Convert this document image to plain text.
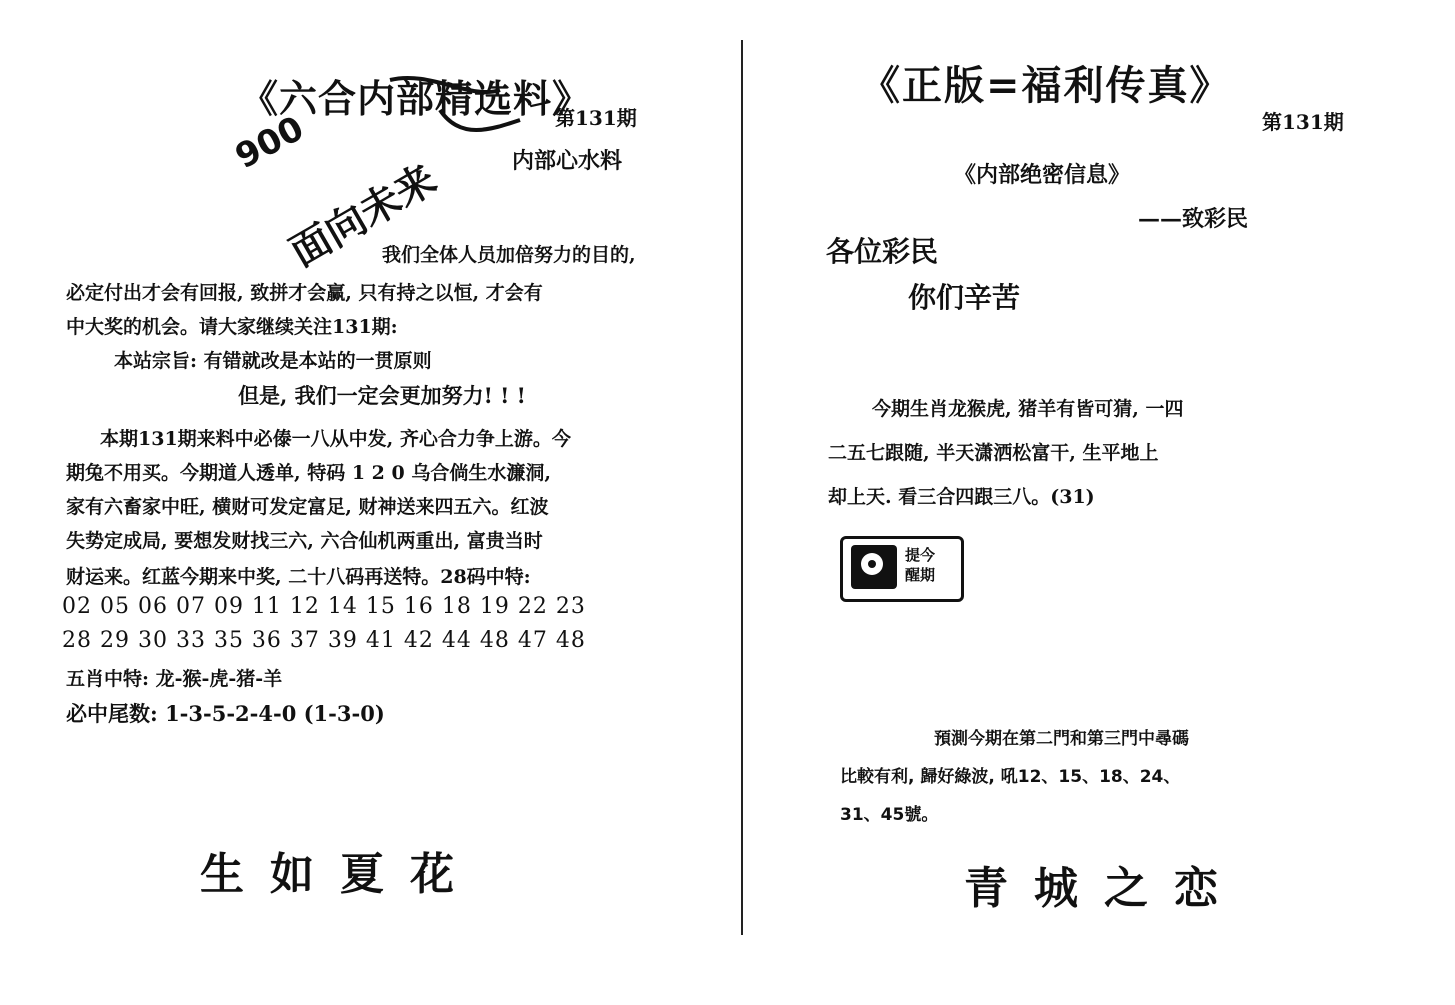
《六合内部精选料》
900
面向未来
第131期
内部心水料
我们全体人员加倍努力的目的,
必定付出才会有回报, 致拼才会赢, 只有持之以恒, 才会有
中大奖的机会。请大家继续关注131期:
本站宗旨: 有错就改是本站的一贯原则
但是, 我们一定会更加努力! ! !
本期131期来料中必傣一八从中发, 齐心合力争上游。今
期兔不用买。今期道人透单, 特码 1 2 0 乌合倘生水濂洞,
家有六畜家中旺, 横财可发定富足, 财神送来四五六。红波
失势定成局, 要想发财找三六, 六合仙机两重出, 富贵当时
财运来。红蓝今期来中奖, 二十八码再送特。28码中特:
02 05 06 07 09 11 12 14 15 16 18 19 22 23
28 29 30 33 35 36 37 39 41 42 44 48 47 48
五肖中特: 龙-猴-虎-猪-羊
必中尾数: 1-3-5-2-4-0 (1-3-0)
生如夏花
《正版=福利传真》
第131期
《内部绝密信息》
——致彩民
各位彩民
你们辛苦
今期生肖龙猴虎, 猪羊有皆可猜, 一四
二五七跟随, 半天潇洒松富干, 生平地上
却上天. 看三合四跟三八。(31)
提今
醒期
預測今期在第二門和第三門中尋碼
比較有利, 歸好綠波, 吼12、15、18、24、
31、45號。
青城之恋
